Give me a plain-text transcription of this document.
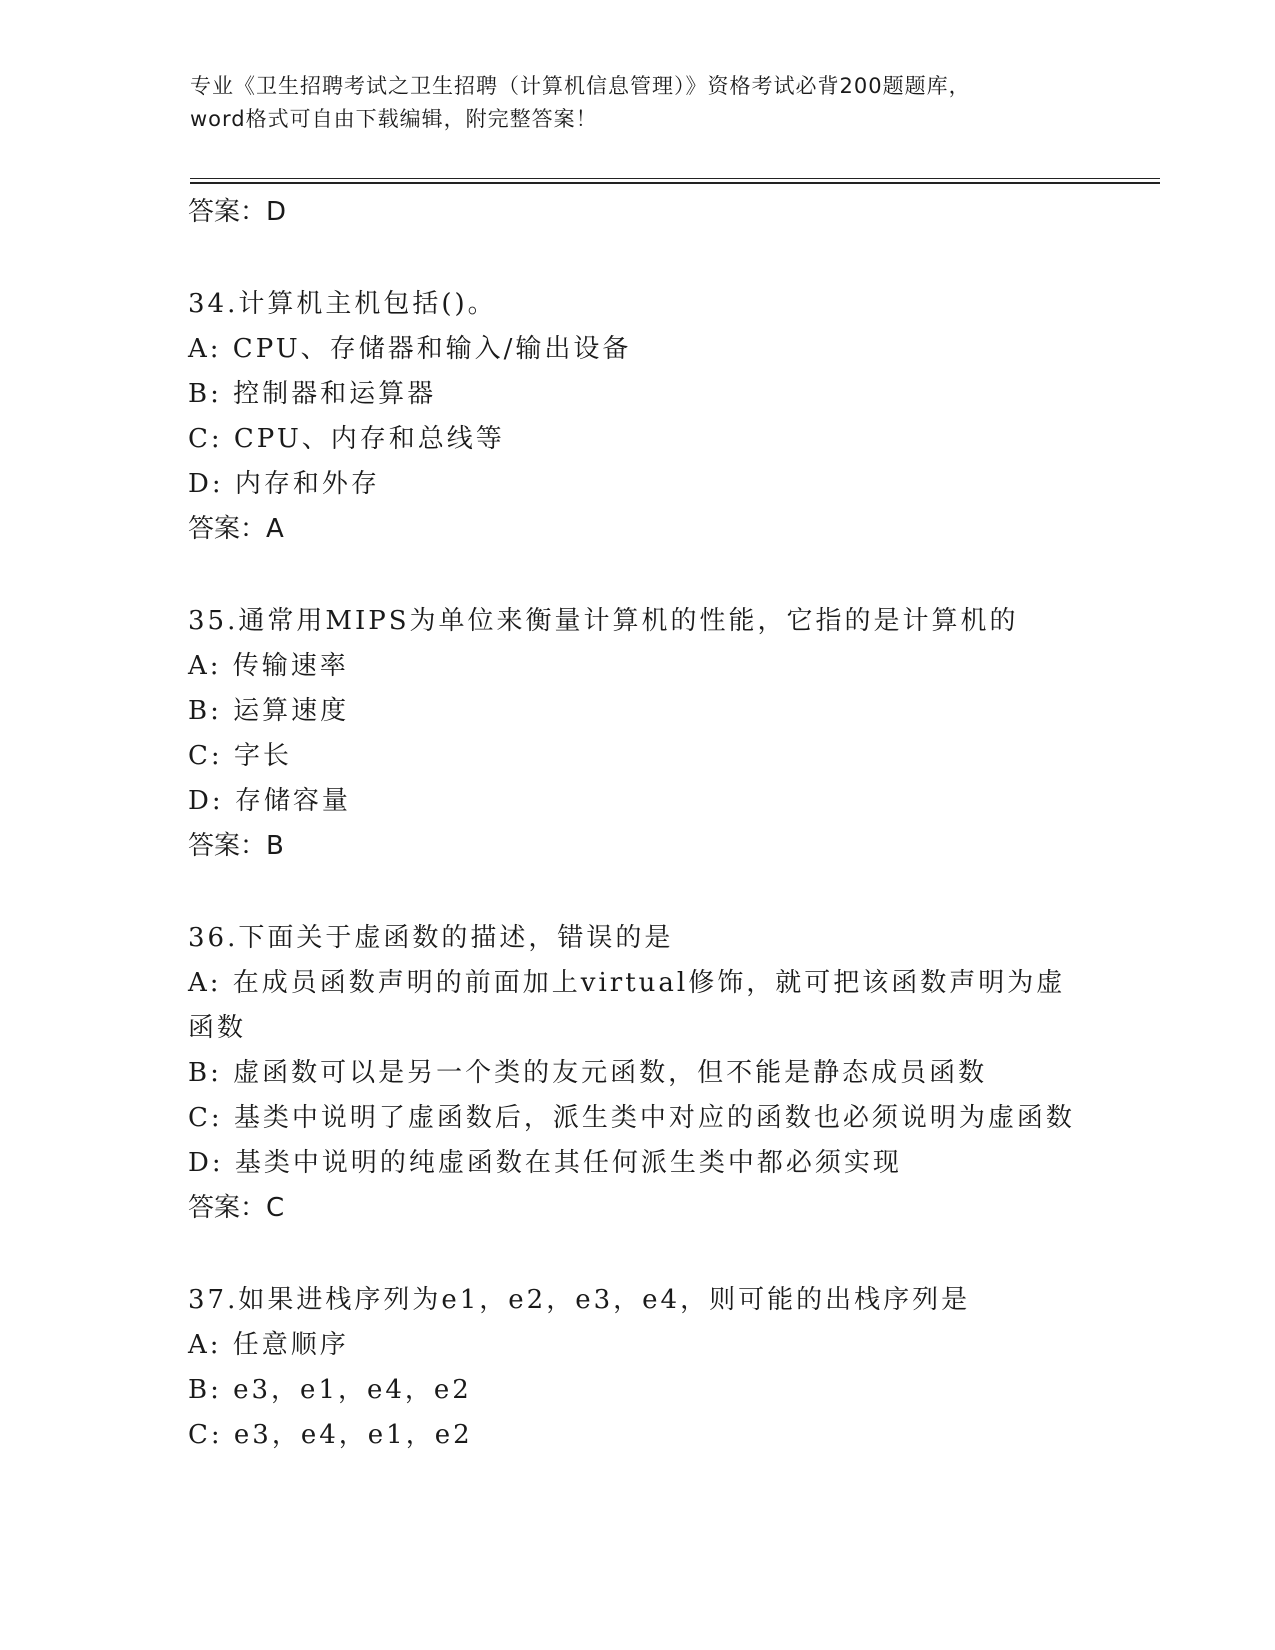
专业《卫生招聘考试之卫生招聘（计算机信息管理）》资格考试必背200题题库，
word格式可自由下载编辑，附完整答案！
答案：D
34.计算机主机包括()。
A: CPU、存储器和输入/输出设备
B: 控制器和运算器
C: CPU、内存和总线等
D: 内存和外存
答案：A
35.通常用MIPS为单位来衡量计算机的性能，它指的是计算机的
A: 传输速率
B: 运算速度
C: 字长
D: 存储容量
答案：B
36.下面关于虚函数的描述，错误的是
A: 在成员函数声明的前面加上virtual修饰，就可把该函数声明为虚函数
B: 虚函数可以是另一个类的友元函数，但不能是静态成员函数
C: 基类中说明了虚函数后，派生类中对应的函数也必须说明为虚函数
D: 基类中说明的纯虚函数在其任何派生类中都必须实现
答案：C
37.如果进栈序列为e1，e2，e3，e4，则可能的出栈序列是
A: 任意顺序
B: e3，e1，e4，e2
C: e3，e4，e1，e2
